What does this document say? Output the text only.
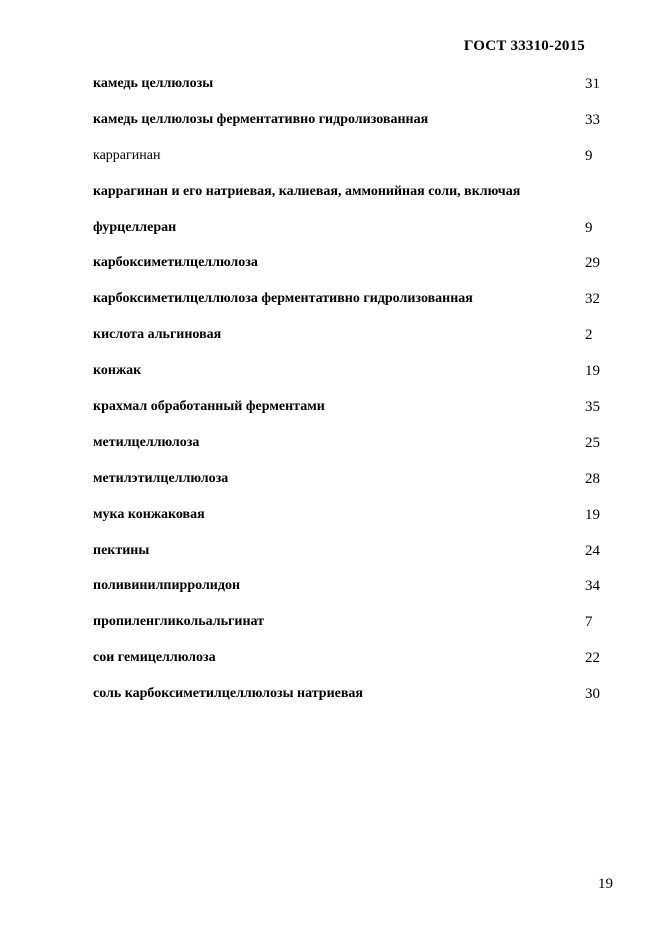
ГОСТ 33310-2015
камедь целлюлозы	31
камедь целлюлозы ферментативно гидролизованная	33
каррагинан	9
каррагинан и его натриевая, калиевая, аммонийная соли, включая фурцеллеран	9
карбоксиметилцеллюлоза	29
карбоксиметилцеллюлоза ферментативно гидролизованная	32
кислота альгиновая	2
конжак	19
крахмал обработанный ферментами	35
метилцеллюлоза	25
метилэтилцеллюлоза	28
мука конжаковая	19
пектины	24
поливинилпирролидон	34
пропиленгликольальгинат	7
сои гемицеллюлоза	22
соль карбоксиметилцеллюлозы натриевая	30
19
